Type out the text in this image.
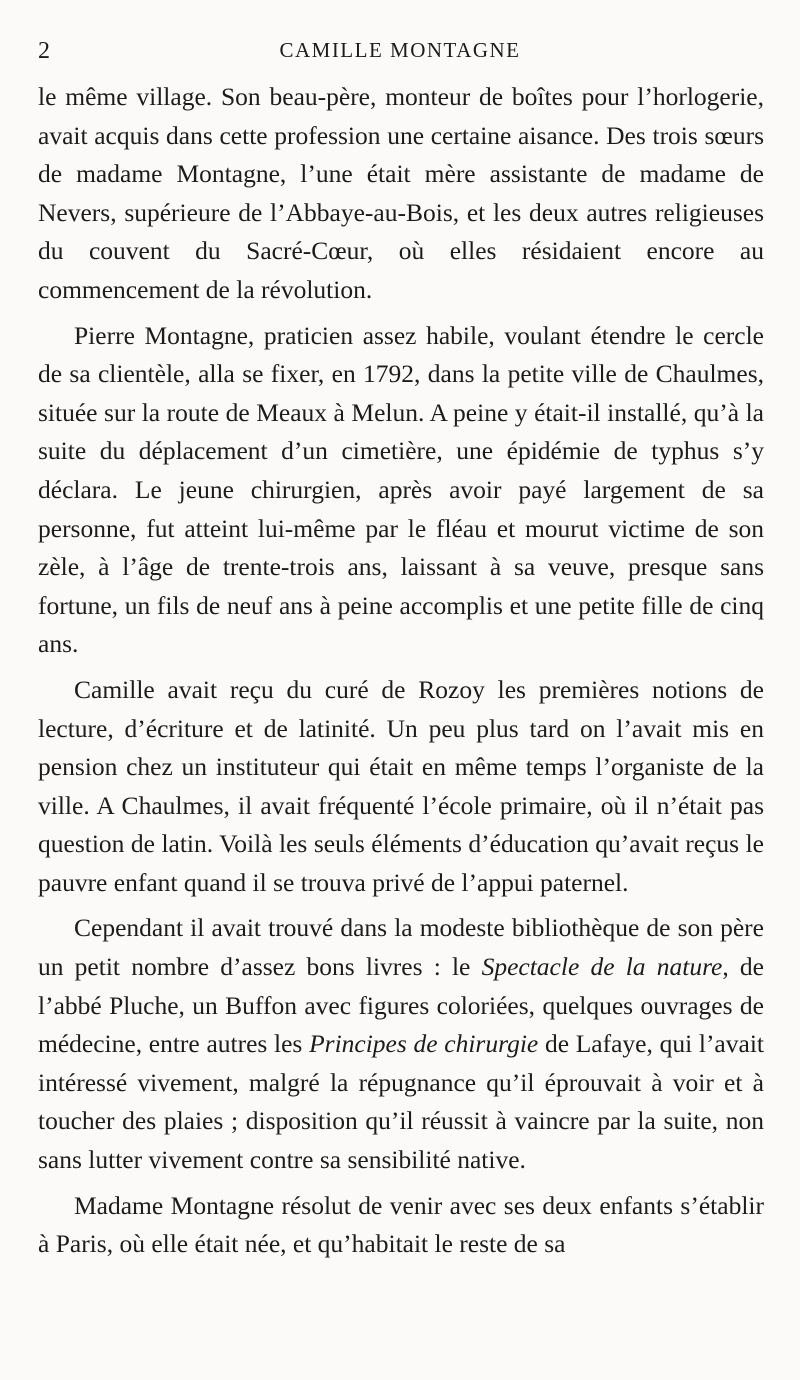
2	CAMILLE MONTAGNE

le même village. Son beau-père, monteur de boîtes pour l’horlogerie, avait acquis dans cette profession une certaine aisance. Des trois sœurs de madame Montagne, l’une était mère assistante de madame de Nevers, supérieure de l’Abbaye-au-Bois, et les deux autres religieuses du couvent du Sacré-Cœur, où elles résidaient encore au commencement de la révolution.

Pierre Montagne, praticien assez habile, voulant étendre le cercle de sa clientèle, alla se fixer, en 1792, dans la petite ville de Chaulmes, située sur la route de Meaux à Melun. A peine y était-il installé, qu’à la suite du déplacement d’un cimetière, une épidémie de typhus s’y déclara. Le jeune chirurgien, après avoir payé largement de sa personne, fut atteint lui-même par le fléau et mourut victime de son zèle, à l’âge de trente-trois ans, laissant à sa veuve, presque sans fortune, un fils de neuf ans à peine accomplis et une petite fille de cinq ans.

Camille avait reçu du curé de Rozoy les premières notions de lecture, d’écriture et de latinité. Un peu plus tard on l’avait mis en pension chez un instituteur qui était en même temps l’organiste de la ville. A Chaulmes, il avait fréquenté l’école primaire, où il n’était pas question de latin. Voilà les seuls éléments d’éducation qu’avait reçus le pauvre enfant quand il se trouva privé de l’appui paternel.

Cependant il avait trouvé dans la modeste bibliothèque de son père un petit nombre d’assez bons livres : le Spectacle de la nature, de l’abbé Pluche, un Buffon avec figures coloriées, quelques ouvrages de médecine, entre autres les Principes de chirurgie de Lafaye, qui l’avait intéressé vivement, malgré la répugnance qu’il éprouvait à voir et à toucher des plaies ; disposition qu’il réussit à vaincre par la suite, non sans lutter vivement contre sa sensibilité native.

Madame Montagne résolut de venir avec ses deux enfants s’établir à Paris, où elle était née, et qu’habitait le reste de sa
